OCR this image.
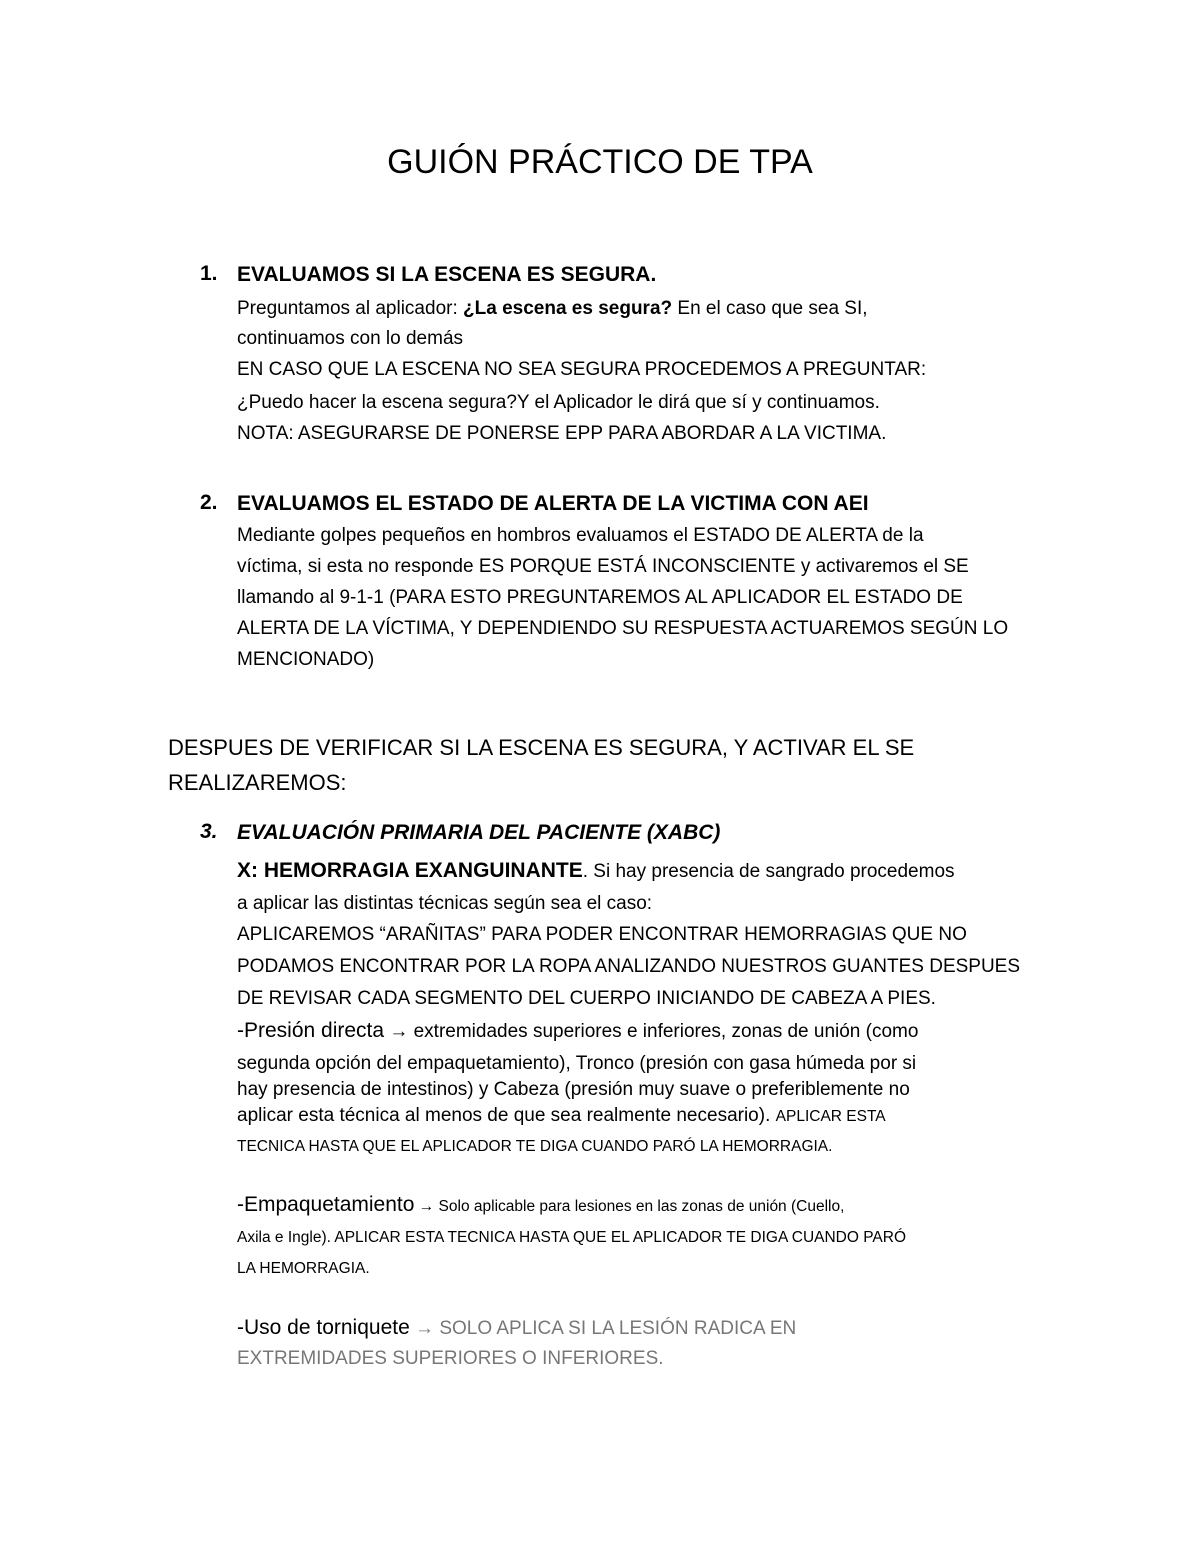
GUIÓN PRÁCTICO DE TPA
1. EVALUAMOS SI LA ESCENA ES SEGURA.
Preguntamos al aplicador: ¿La escena es segura? En el caso que sea SI,
continuamos con lo demás
EN CASO QUE LA ESCENA NO SEA SEGURA PROCEDEMOS A PREGUNTAR:
¿Puedo hacer la escena segura?Y el Aplicador le dirá que sí y continuamos.
NOTA: ASEGURARSE DE PONERSE EPP PARA ABORDAR A LA VICTIMA.
2. EVALUAMOS EL ESTADO DE ALERTA DE LA VICTIMA CON AEI
Mediante golpes pequeños en hombros evaluamos el ESTADO DE ALERTA de la
víctima, si esta no responde ES PORQUE ESTÁ INCONSCIENTE y activaremos el SE
llamando al 9-1-1 (PARA ESTO PREGUNTAREMOS AL APLICADOR EL ESTADO DE
ALERTA DE LA VÍCTIMA, Y DEPENDIENDO SU RESPUESTA ACTUAREMOS SEGÚN LO
MENCIONADO)
DESPUES DE VERIFICAR SI LA ESCENA ES SEGURA, Y ACTIVAR EL SE
REALIZAREMOS:
3. EVALUACIÓN PRIMARIA DEL PACIENTE (XABC)
X: HEMORRAGIA EXANGUINANTE. Si hay presencia de sangrado procedemos
a aplicar las distintas técnicas según sea el caso:
APLICAREMOS “ARAÑITAS” PARA PODER ENCONTRAR HEMORRAGIAS QUE NO
PODAMOS ENCONTRAR POR LA ROPA ANALIZANDO NUESTROS GUANTES DESPUES
DE REVISAR CADA SEGMENTO DEL CUERPO INICIANDO DE CABEZA A PIES.
-Presión directa → extremidades superiores e inferiores, zonas de unión (como
segunda opción del empaquetamiento), Tronco (presión con gasa húmeda por si
hay presencia de intestinos) y Cabeza (presión muy suave o preferiblemente no
aplicar esta técnica al menos de que sea realmente necesario). APLICAR ESTA
TECNICA HASTA QUE EL APLICADOR TE DIGA CUANDO PARÓ LA HEMORRAGIA.
-Empaquetamiento → Solo aplicable para lesiones en las zonas de unión (Cuello,
Axila e Ingle). APLICAR ESTA TECNICA HASTA QUE EL APLICADOR TE DIGA CUANDO PARÓ
LA HEMORRAGIA.
-Uso de torniquete → SOLO APLICA SI LA LESIÓN RADICA EN
EXTREMIDADES SUPERIORES O INFERIORES.
